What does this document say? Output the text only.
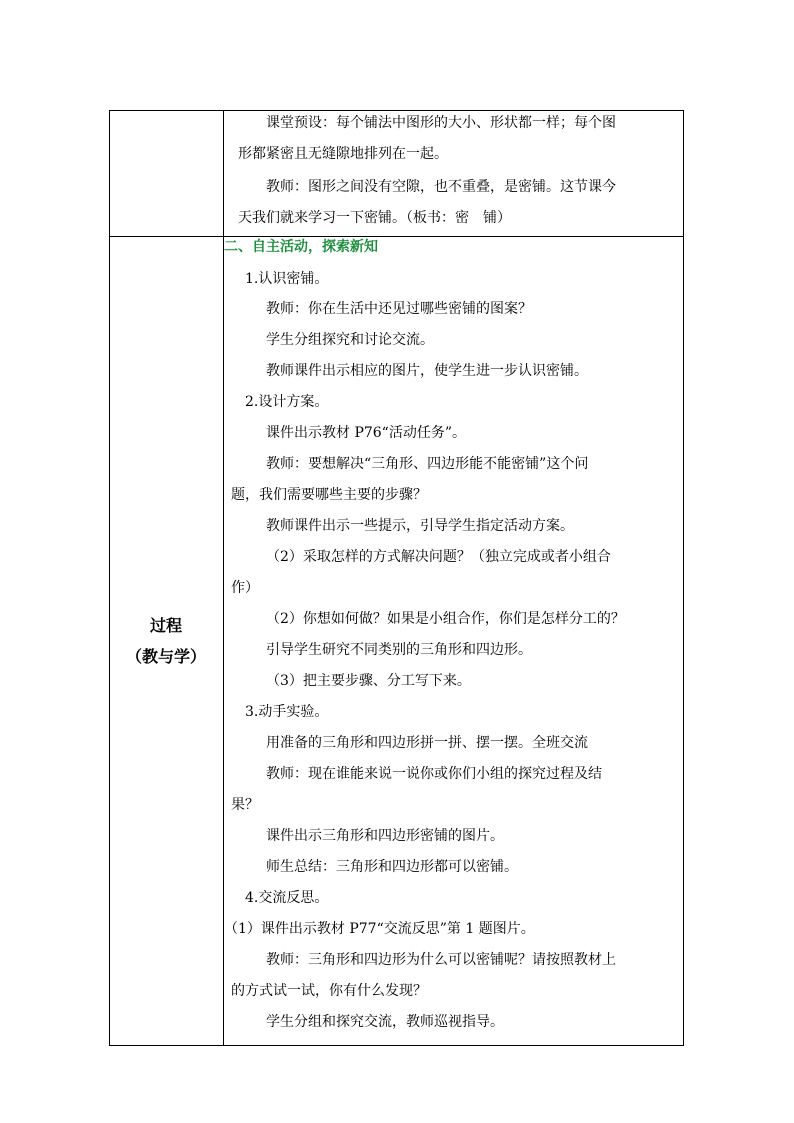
课堂预设：每个铺法中图形的大小、形状都一样；每个图
形都紧密且无缝隙地排列在一起。
教师：图形之间没有空隙，也不重叠，是密铺。这节课今
天我们就来学习一下密铺。（板书：密　铺）
过程
（教与学）
二、自主活动，探索新知
1.认识密铺。
教师：你在生活中还见过哪些密铺的图案？
学生分组探究和讨论交流。
教师课件出示相应的图片，使学生进一步认识密铺。
2.设计方案。
课件出示教材 P76“活动任务”。
教师：要想解决“三角形、四边形能不能密铺”这个问
题，我们需要哪些主要的步骤？
教师课件出示一些提示，引导学生指定活动方案。
（2）采取怎样的方式解决问题？（独立完成或者小组合
作）
（2）你想如何做？如果是小组合作，你们是怎样分工的？
引导学生研究不同类别的三角形和四边形。
（3）把主要步骤、分工写下来。
3.动手实验。
用准备的三角形和四边形拼一拼、摆一摆。全班交流
教师：现在谁能来说一说你或你们小组的探究过程及结
果？
课件出示三角形和四边形密铺的图片。
师生总结：三角形和四边形都可以密铺。
4.交流反思。
（1）课件出示教材 P77“交流反思”第 1 题图片。
教师：三角形和四边形为什么可以密铺呢？请按照教材上
的方式试一试，你有什么发现？
学生分组和探究交流，教师巡视指导。
